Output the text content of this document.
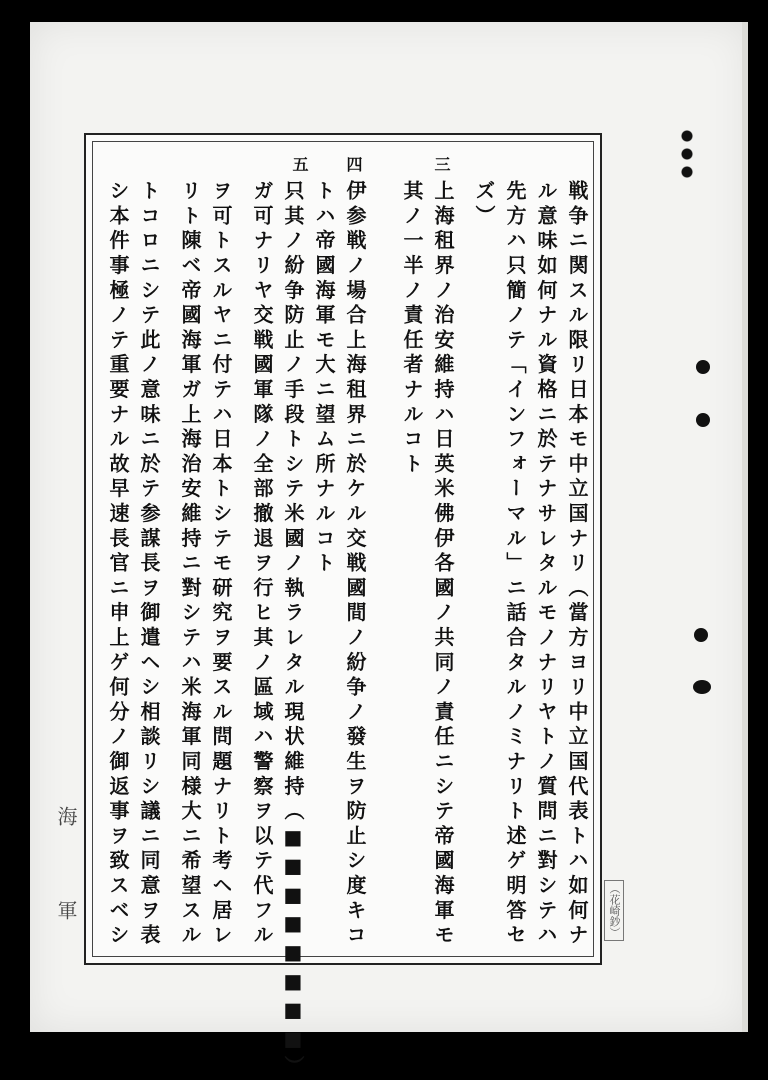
三
四
五
戦争ニ関スル限リ日本モ中立国ナリ（當方ヨリ中立国代表トハ如何ナ
ル意味如何ナル資格ニ於テナサレタルモノナリヤトノ質問ニ對シテハ
先方ハ只簡ノテ「インフォーマル」ニ話合タルノミナリト述ゲ明答セ
ズ）
上海租界ノ治安維持ハ日英米佛伊各國ノ共同ノ責任ニシテ帝國海軍モ
其ノ一半ノ責任者ナルコト
伊参戦ノ場合上海租界ニ於ケル交戦國間ノ紛争ノ發生ヲ防止シ度キコ
トハ帝國海軍モ大ニ望ム所ナルコト
只其ノ紛争防止ノ手段トシテ米國ノ執ラレタル現状維持（■■■■■■■■）
ガ可ナリヤ交戦國軍隊ノ全部撤退ヲ行ヒ其ノ區域ハ警察ヲ以テ代フル
ヲ可トスルヤニ付テハ日本トシテモ研究ヲ要スル問題ナリト考ヘ居レ
リト陳ベ帝國海軍ガ上海治安維持ニ對シテハ米海軍同様大ニ希望スル
トコロニシテ此ノ意味ニ於テ参謀長ヲ御遣ヘシ相談リシ議ニ同意ヲ表
シ本件事極ノテ重要ナル故早速長官ニ申上ゲ何分ノ御返事ヲ致スベシ
海
軍	（花崎鈔）
